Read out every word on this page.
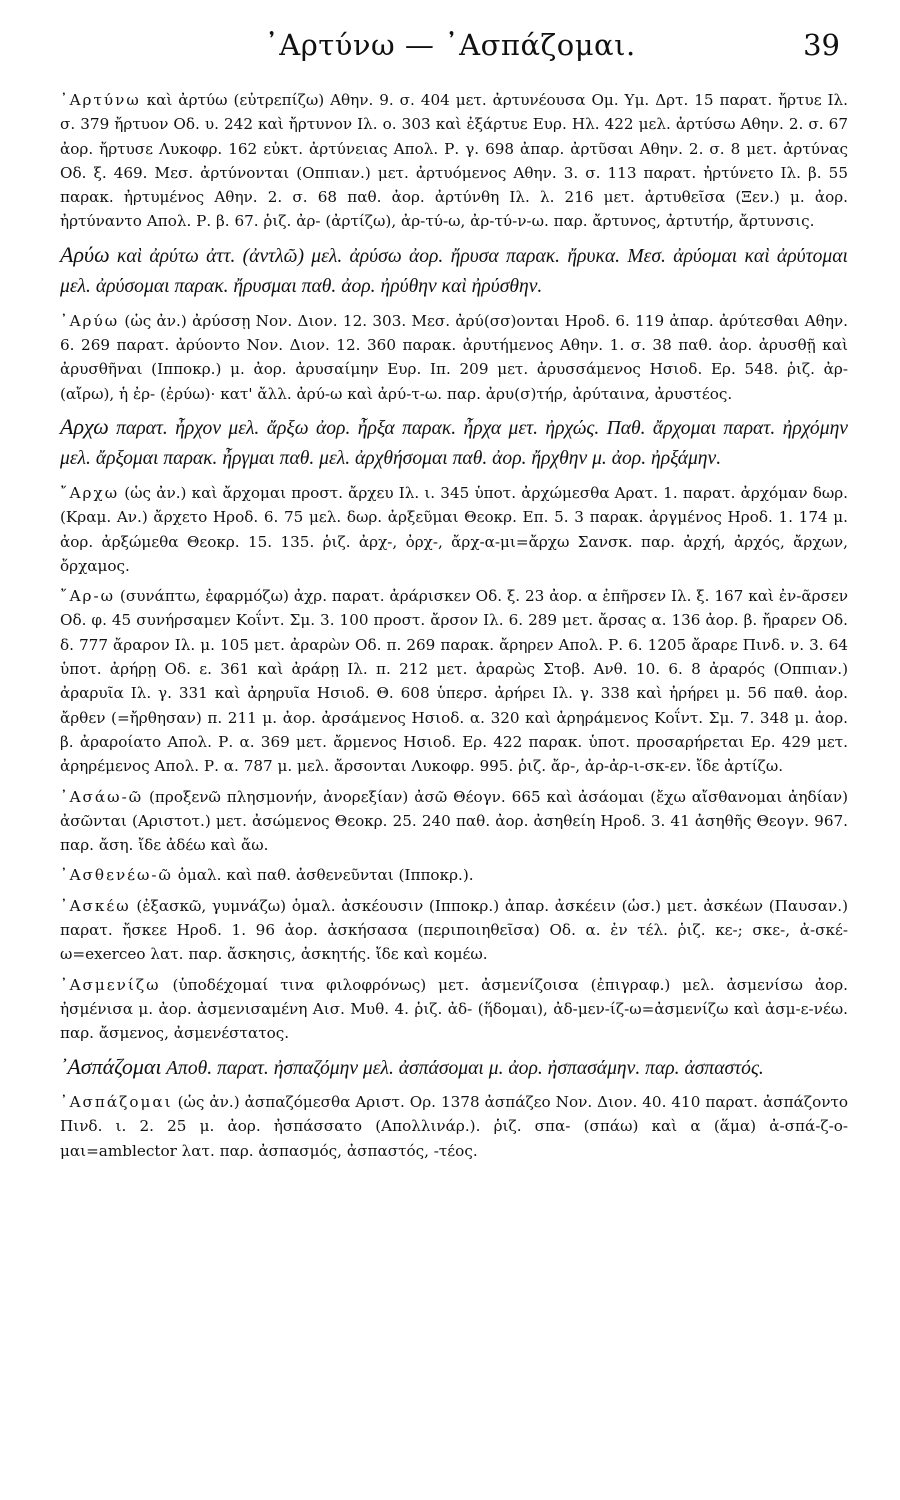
᾿Αρτύνω — ᾿Ασπάζομαι.	39

᾿Αρτύνω καὶ ἀρτύω (εὐτρεπίζω) Αθην. 9. σ. 404 μετ. ἀρτυνέουσα Ομ. Υμ. Δρτ. 15 παρατ. ἤρτυε Ιλ. σ. 379 ἤρτυον Οδ. υ. 242 καὶ ἤρτυνον Ιλ. ο. 303 καὶ ἐξάρτυε Ευρ. Ηλ. 422 μελ. ἀρτύσω Αθην. 2. σ. 67 ἀορ. ἤρτυσε Λυκοφρ. 162 εὐκτ. ἀρτύνειας Απολ. Ρ. γ. 698 ἀπαρ. ἀρτῦσαι Αθην. 2. σ. 8 μετ. ἀρτύνας Οδ. ξ. 469. Μεσ. ἀρτύνονται (Οππιαν.) μετ. ἀρτυόμενος Αθην. 3. σ. 113 παρατ. ἠρτύνετο Ιλ. β. 55 παρακ. ἠρτυμένος Αθην. 2. σ. 68 παθ. ἀορ. ἀρτύνθη Ιλ. λ. 216 μετ. ἀρτυθεῖσα (Ξεν.) μ. ἀορ. ἠρτύναντο Απολ. Ρ. β. 67. ῥιζ. ἀρ- (ἀρτίζω), ἀρ-τύ-ω, ἀρ-τύ-ν-ω. παρ. ἄρτυνος, ἀρτυτήρ, ἄρτυνσις.

Αρύω καὶ ἀρύτω ἀττ. (ἀντλῶ) μελ. ἀρύσω ἀορ. ἤρυσα παρακ. ἤρυκα. Μεσ. ἀρύομαι καὶ ἀρύτομαι μελ. ἀρύσομαι παρακ. ἤρυσμαι παθ. ἀορ. ἠρύθην καὶ ἠρύσθην.

᾿Αρύω (ὡς ἀν.) ἀρύσσῃ Νον. Διον. 12. 303. Μεσ. ἀρύ(σσ)ονται Ηροδ. 6. 119 ἀπαρ. ἀρύτεσθαι Αθην. 6. 269 παρατ. ἀρύοντο Νον. Διον. 12. 360 παρακ. ἀρυτήμενος Αθην. 1. σ. 38 παθ. ἀορ. ἀρυσθῇ καὶ ἀρυσθῆναι (Ιπποκρ.) μ. ἀορ. ἀρυσαίμην Ευρ. Ιπ. 209 μετ. ἀρυσσάμενος Ησιοδ. Ερ. 548. ῥιζ. ἀρ- (αἴρω), ἡ ἐρ- (ἐρύω)· κατ' ἄλλ. ἀρύ-ω καὶ ἀρύ-τ-ω. παρ. ἀρυ(σ)τήρ, ἀρύταινα, ἀρυστέος.

Αρχω παρατ. ἦρχον μελ. ἄρξω ἀορ. ἦρξα παρακ. ἦρχα μετ. ἠρχώς. Παθ. ἄρχομαι παρατ. ἠρχόμην μελ. ἄρξομαι παρακ. ἦργμαι παθ. μελ. ἀρχθήσομαι παθ. ἀορ. ἤρχθην μ. ἀορ. ἠρξάμην.

῎Αρχω (ὡς ἀν.) καὶ ἄρχομαι προστ. ἄρχευ Ιλ. ι. 345 ὑποτ. ἀρχώμεσθα Αρατ. 1. παρατ. ἀρχόμαν δωρ. (Κραμ. Αν.) ἄρχετο Ηροδ. 6. 75 μελ. δωρ. ἀρξεῦμαι Θεοκρ. Επ. 5. 3 παρακ. ἀργμένος Ηροδ. 1. 174 μ. ἀορ. ἀρξώμεθα Θεοκρ. 15. 135. ῥιζ. ἀρχ-, ὀρχ-, ἄρχ-α-μι=ἄρχω Σανσκ. παρ. ἀρχή, ἀρχός, ἄρχων, ὄρχαμος.

῎Αρ-ω (συνάπτω, ἐφαρμόζω) ἀχρ. παρατ. ἀράρισκεν Οδ. ξ. 23 ἀορ. α ἐπῆρσεν Ιλ. ξ. 167 καὶ ἐν-ᾶρσεν Οδ. φ. 45 συνήρσαμεν Κοΐντ. Σμ. 3. 100 προστ. ἄρσον Ιλ. 6. 289 μετ. ἄρσας α. 136 ἀορ. β. ἤραρεν Οδ. δ. 777 ἄραρον Ιλ. μ. 105 μετ. ἀραρὼν Οδ. π. 269 παρακ. ἄρηρεν Απολ. Ρ. 6. 1205 ἄραρε Πινδ. ν. 3. 64 ὑποτ. ἀρήρῃ Οδ. ε. 361 καὶ ἀράρῃ Ιλ. π. 212 μετ. ἀραρὼς Στοβ. Ανθ. 10. 6. 8 ἀραρός (Οππιαν.) ἀραρυῖα Ιλ. γ. 331 καὶ ἀρηρυῖα Ησιοδ. Θ. 608 ὑπερσ. ἀρήρει Ιλ. γ. 338 καὶ ἠρήρει μ. 56 παθ. ἀορ. ἄρθεν (=ἤρθησαν) π. 211 μ. ἀορ. ἀρσάμενος Ησιοδ. α. 320 καὶ ἀρηράμενος Κοΐντ. Σμ. 7. 348 μ. ἀορ. β. ἀραροίατο Απολ. Ρ. α. 369 μετ. ἄρμενος Ησιοδ. Ερ. 422 παρακ. ὑποτ. προσαρήρεται Ερ. 429 μετ. ἀρηρέμενος Απολ. Ρ. α. 787 μ. μελ. ἄρσονται Λυκοφρ. 995. ῥιζ. ἄρ-, ἀρ-ἀρ-ι-σκ-εν. ἴδε ἀρτίζω.

᾿Ασάω-ῶ (προξενῶ πλησμονήν, ἀνορεξίαν) ἀσῶ Θέογν. 665 καὶ ἀσάομαι (ἔχω αἴσθανομαι ἀηδίαν) ἀσῶνται (Αριστοτ.) μετ. ἀσώμενος Θεοκρ. 25. 240 παθ. ἀορ. ἀσηθείη Ηροδ. 3. 41 ἀσηθῆς Θεογν. 967. παρ. ἄση. ἴδε ἀδέω καὶ ἄω.

᾿Ασθενέω-ῶ ὁμαλ. καὶ παθ. ἀσθενεῦνται (Ιπποκρ.).

᾿Ασκέω (ἐξασκῶ, γυμνάζω) ὁμαλ. ἀσκέουσιν (Ιπποκρ.) ἀπαρ. ἀσκέειν (ὡσ.) μετ. ἀσκέων (Παυσαν.) παρατ. ἤσκεε Ηροδ. 1. 96 ἀορ. ἀσκήσασα (περιποιηθεῖσα) Οδ. α. ἐν τέλ. ῥιζ. κε-; σκε-, ἀ-σκέ-ω=exerceo λατ. παρ. ἄσκησις, ἀσκητής. ἴδε καὶ κομέω.

᾿Ασμενίζω (ὑποδέχομαί τινα φιλοφρόνως) μετ. ἀσμενίζοισα (ἐπιγραφ.) μελ. ἀσμενίσω ἀορ. ἠσμένισα μ. ἀορ. ἀσμενισαμένη Αισ. Μυθ. 4. ῥιζ. ἀδ- (ἥδομαι), ἀδ-μεν-ίζ-ω=ἀσμενίζω καὶ ἀσμ-ε-νέω. παρ. ἄσμενος, ἀσμενέστατος.

᾿Ασπάζομαι Αποθ. παρατ. ἠσπαζόμην μελ. ἀσπάσομαι μ. ἀορ. ἠσπασάμην. παρ. ἀσπαστός.

᾿Ασπάζομαι (ὡς ἀν.) ἀσπαζόμεσθα Αριστ. Ορ. 1378 ἀσπάζεο Νον. Διον. 40. 410 παρατ. ἀσπάζοντο Πινδ. ι. 2. 25 μ. ἀορ. ἠσπάσσατο (Απολλινάρ.). ῥιζ. σπα- (σπάω) καὶ α (ἅμα) ἀ-σπά-ζ-ο-μαι=amblector λατ. παρ. ἀσπασμός, ἀσπαστός, -τέος.
